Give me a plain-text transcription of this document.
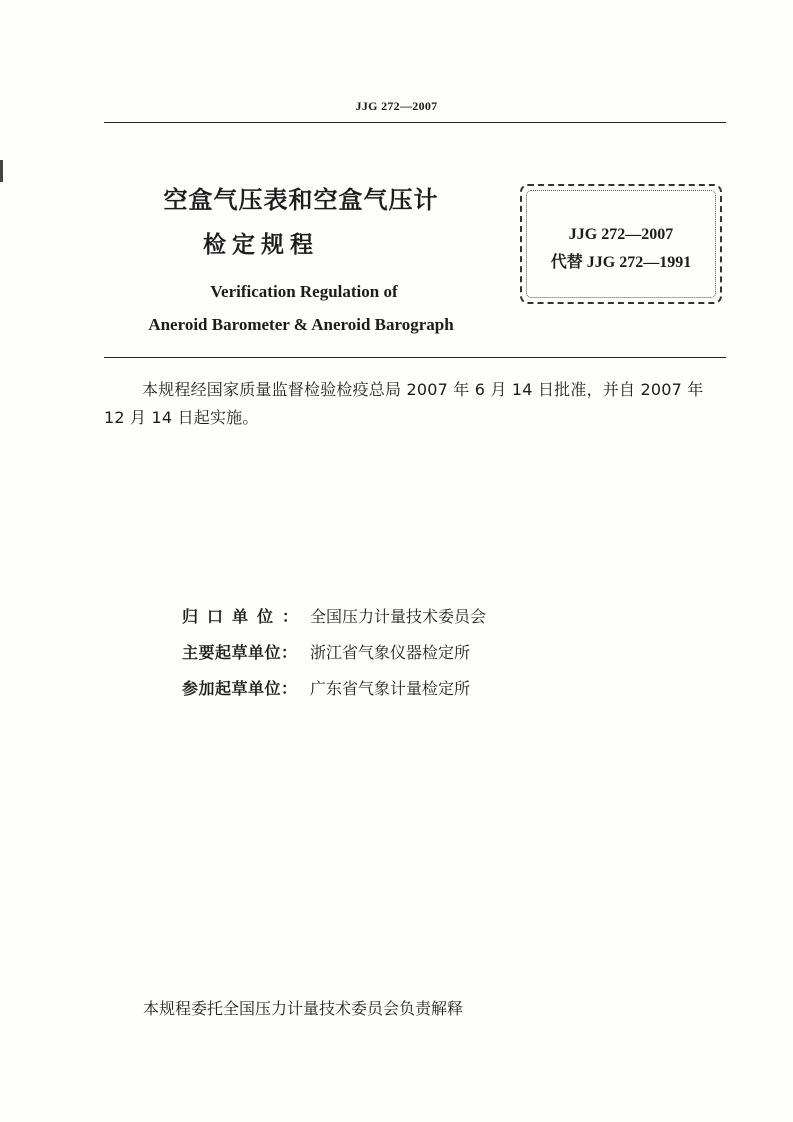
JJG 272—2007
空盒气压表和空盒气压计
检定规程
Verification Regulation of
Aneroid Barometer & Aneroid Barograph
JJG 272—2007
代替 JJG 272—1991
本规程经国家质量监督检验检疫总局 2007 年 6 月 14 日批准，并自 2007 年 12 月 14 日起实施。
归口单位： 全国压力计量技术委员会
主要起草单位： 浙江省气象仪器检定所
参加起草单位： 广东省气象计量检定所
本规程委托全国压力计量技术委员会负责解释
